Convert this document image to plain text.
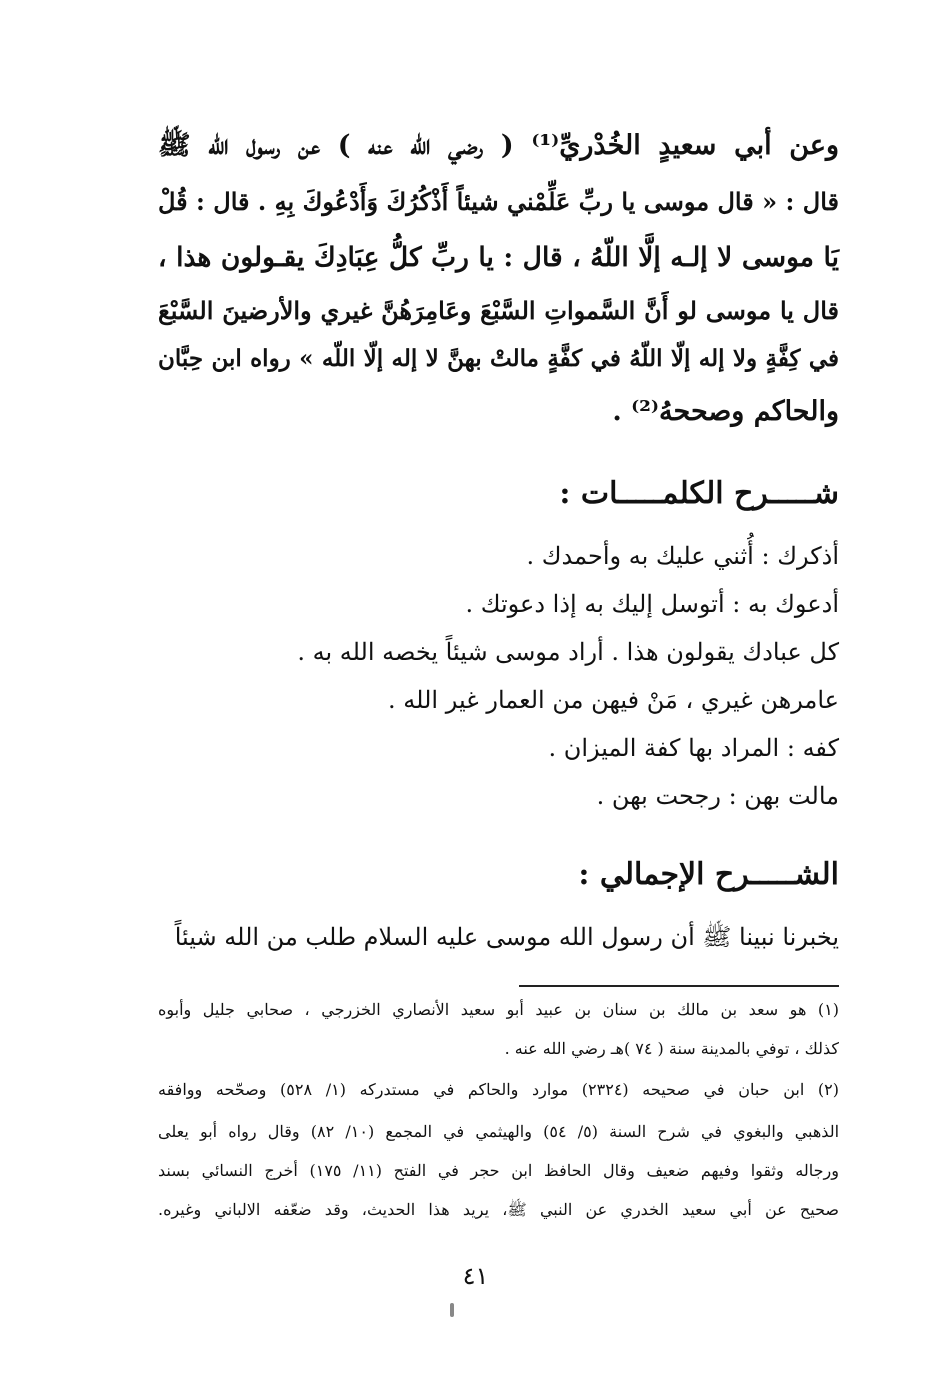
وعن أبي سعيدٍ الخُدْريِّ⁽¹⁾ ( رضي الله عنه ) عن رسول الله ﷺ
قال : « قال موسى يا ربِّ عَلِّمْني شيئاً أَذْكُرُكَ وَأَدْعُوكَ بِهِ . قال : قُلْ
يَا موسى لا إلـه إلَّا اللّهُ ، قال : يا ربِّ كلُّ عِبَادِكَ يقـولون هذا ،
قال يا موسى لو أَنَّ السَّمواتِ السَّبْعَ وعَامِرَهُنَّ غيري والأرضينَ السَّبْعَ
في كِفَّةٍ ولا إله إلّا اللّهُ في كفَّةٍ مالتْ بهنَّ لا إله إلّا اللّه » رواه ابن حِبَّان
والحاكم وصححهُ⁽²⁾ .
شـــــرح الكلمـــــات :
أذكرك : أُثني عليك به وأحمدك .
أدعوك به : أتوسل إليك به إذا دعوتك .
كل عبادك يقولون هذا . أراد موسى شيئاً يخصه الله به .
عامرهن غيري ، مَنْ فيهن من العمار غير الله .
كفه : المراد بها كفة الميزان .
مالت بهن : رجحت بهن .
الشـــــرح الإجمالي :
يخبرنا نبينا ﷺ أن رسول الله موسى عليه السلام طلب من الله شيئاً
(١) هو سعد بن مالك بن سنان بن عبيد أبو سعيد الأنصاري الخزرجي ، صحابي جليل وأبوه
كذلك ، توفي بالمدينة سنة ( ٧٤ )هـ رضي الله عنه .
(٢) ابن حبان في صحيحه (٢٣٢٤) موارد والحاكم في مستدركه (١/ ٥٢٨) وصحّحه ووافقه
الذهبي والبغوي في شرح السنة (٥/ ٥٤) والهيثمي في المجمع (١٠/ ٨٢) وقال رواه أبو يعلى
ورجاله وثقوا وفيهم ضعيف وقال الحافظ ابن حجر في الفتح (١١/ ١٧٥) أخرج النسائي بسند
صحيح عن أبي سعيد الخدري عن النبي ﷺ، يريد هذا الحديث، وقد ضعّفه الالباني وغيره.
٤١
